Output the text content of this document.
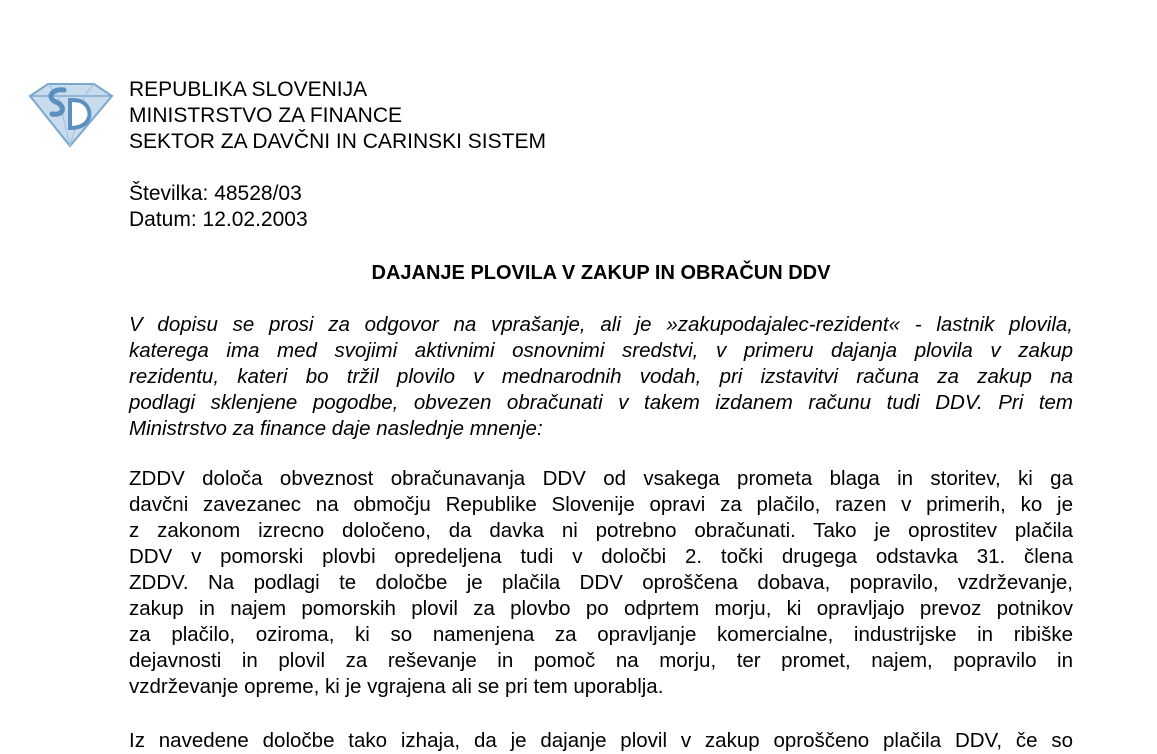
REPUBLIKA SLOVENIJA
MINISTRSTVO ZA FINANCE
SEKTOR ZA DAVČNI IN CARINSKI SISTEM
Številka: 48528/03
Datum: 12.02.2003
DAJANJE PLOVILA V ZAKUP IN OBRAČUN DDV
V dopisu se prosi za odgovor na vprašanje, ali je »zakupodajalec-rezident« - lastnik plovila,
katerega ima med svojimi aktivnimi osnovnimi sredstvi, v primeru dajanja plovila v zakup
rezidentu, kateri bo tržil plovilo v mednarodnih vodah, pri izstavitvi računa za zakup na
podlagi sklenjene pogodbe, obvezen obračunati v takem izdanem računu tudi DDV. Pri tem
Ministrstvo za finance daje naslednje mnenje:
ZDDV določa obveznost obračunavanja DDV od vsakega prometa blaga in storitev, ki ga
davčni zavezanec na območju Republike Slovenije opravi za plačilo, razen v primerih, ko je
z zakonom izrecno določeno, da davka ni potrebno obračunati. Tako je oprostitev plačila
DDV v pomorski plovbi opredeljena tudi v določbi 2. točki drugega odstavka 31. člena
ZDDV. Na podlagi te določbe je plačila DDV oproščena dobava, popravilo, vzdrževanje,
zakup in najem pomorskih plovil za plovbo po odprtem morju, ki opravljajo prevoz potnikov
za plačilo, oziroma, ki so namenjena za opravljanje komercialne, industrijske in ribiške
dejavnosti in plovil za reševanje in pomoč na morju, ter promet, najem, popravilo in
vzdrževanje opreme, ki je vgrajena ali se pri tem uporablja.
Iz navedene določbe tako izhaja, da je dajanje plovil v zakup oproščeno plačila DDV, če so
